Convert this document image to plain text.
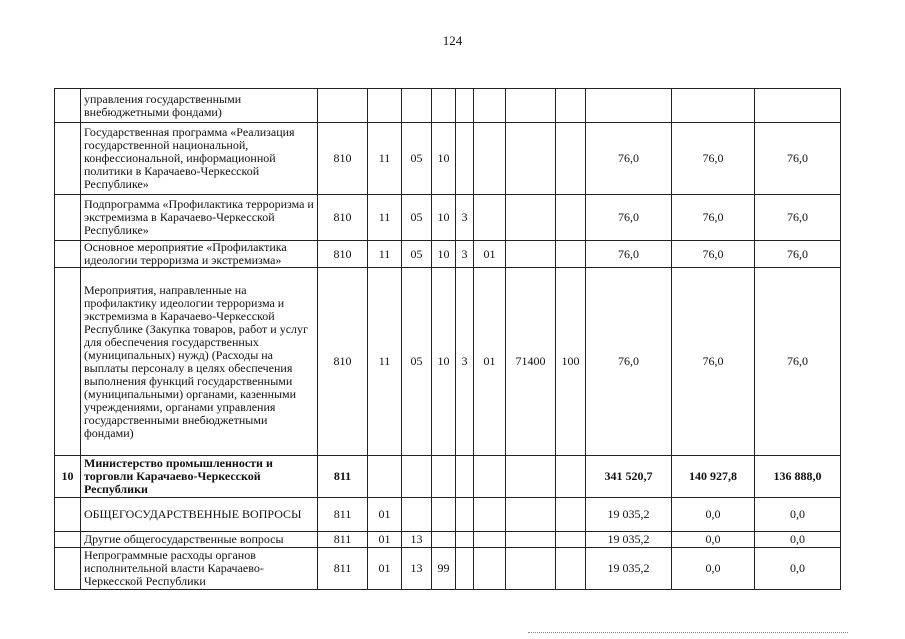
124
	управления государственными внебюджетными фондами)											
	Государственная программа «Реализация государственной национальной, конфессиональной, информационной политики в Карачаево-Черкесской Республике»	810	11	05	10					76,0	76,0	76,0
	Подпрограмма «Профилактика терроризма и экстремизма в Карачаево-Черкесской Республике»	810	11	05	10	3				76,0	76,0	76,0
	Основное мероприятие «Профилактика идеологии терроризма и экстремизма»	810	11	05	10	3	01			76,0	76,0	76,0
	Мероприятия, направленные на профилактику идеологии терроризма и экстремизма в Карачаево-Черкесской Республике (Закупка товаров, работ и услуг для обеспечения государственных (муниципальных) нужд) (Расходы на выплаты персоналу в целях обеспечения выполнения функций государственными (муниципальными) органами, казенными учреждениями, органами управления государственными внебюджетными фондами)	810	11	05	10	3	01	71400	100	76,0	76,0	76,0
10	Министерство промышленности и торговли Карачаево-Черкесской Республики	811								341 520,7	140 927,8	136 888,0
	ОБЩЕГОСУДАРСТВЕННЫЕ ВОПРОСЫ	811	01							19 035,2	0,0	0,0
	Другие общегосударственные вопросы	811	01	13						19 035,2	0,0	0,0
	Непрограммные расходы органов исполнительной власти Карачаево-Черкесской Республики	811	01	13	99					19 035,2	0,0	0,0
